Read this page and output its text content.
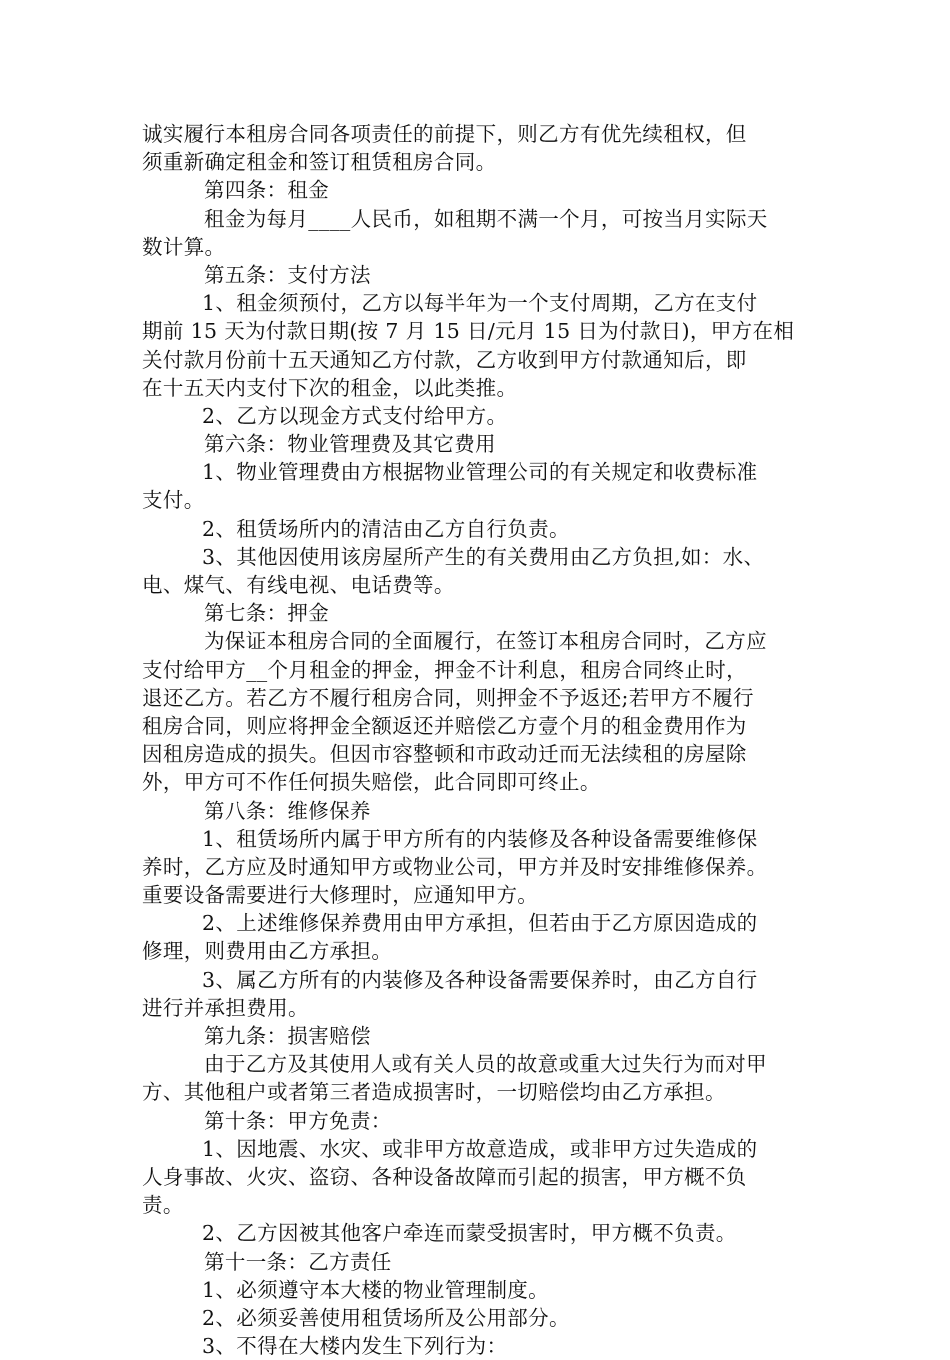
诚实履行本租房合同各项责任的前提下，则乙方有优先续租权，但
须重新确定租金和签订租赁租房合同。
第四条：租金
租金为每月____人民币，如租期不满一个月，可按当月实际天
数计算。
第五条：支付方法
1、租金须预付，乙方以每半年为一个支付周期，乙方在支付
期前 15 天为付款日期(按 7 月 15 日/元月 15 日为付款日)，甲方在相
关付款月份前十五天通知乙方付款，乙方收到甲方付款通知后，即
在十五天内支付下次的租金，以此类推。
2、乙方以现金方式支付给甲方。
第六条：物业管理费及其它费用
1、物业管理费由方根据物业管理公司的有关规定和收费标准
支付。
2、租赁场所内的清洁由乙方自行负责。
3、其他因使用该房屋所产生的有关费用由乙方负担,如：水、
电、煤气、有线电视、电话费等。
第七条：押金
为保证本租房合同的全面履行，在签订本租房合同时，乙方应
支付给甲方__个月租金的押金，押金不计利息，租房合同终止时，
退还乙方。若乙方不履行租房合同，则押金不予返还;若甲方不履行
租房合同，则应将押金全额返还并赔偿乙方壹个月的租金费用作为
因租房造成的损失。但因市容整顿和市政动迁而无法续租的房屋除
外，甲方可不作任何损失赔偿，此合同即可终止。
第八条：维修保养
1、租赁场所内属于甲方所有的内装修及各种设备需要维修保
养时，乙方应及时通知甲方或物业公司，甲方并及时安排维修保养。
重要设备需要进行大修理时，应通知甲方。
2、上述维修保养费用由甲方承担，但若由于乙方原因造成的
修理，则费用由乙方承担。
3、属乙方所有的内装修及各种设备需要保养时，由乙方自行
进行并承担费用。
第九条：损害赔偿
由于乙方及其使用人或有关人员的故意或重大过失行为而对甲
方、其他租户或者第三者造成损害时，一切赔偿均由乙方承担。
第十条：甲方免责：
1、因地震、水灾、或非甲方故意造成，或非甲方过失造成的
人身事故、火灾、盗窃、各种设备故障而引起的损害，甲方概不负
责。
2、乙方因被其他客户牵连而蒙受损害时，甲方概不负责。
第十一条：乙方责任
1、必须遵守本大楼的物业管理制度。
2、必须妥善使用租赁场所及公用部分。
3、不得在大楼内发生下列行为：
